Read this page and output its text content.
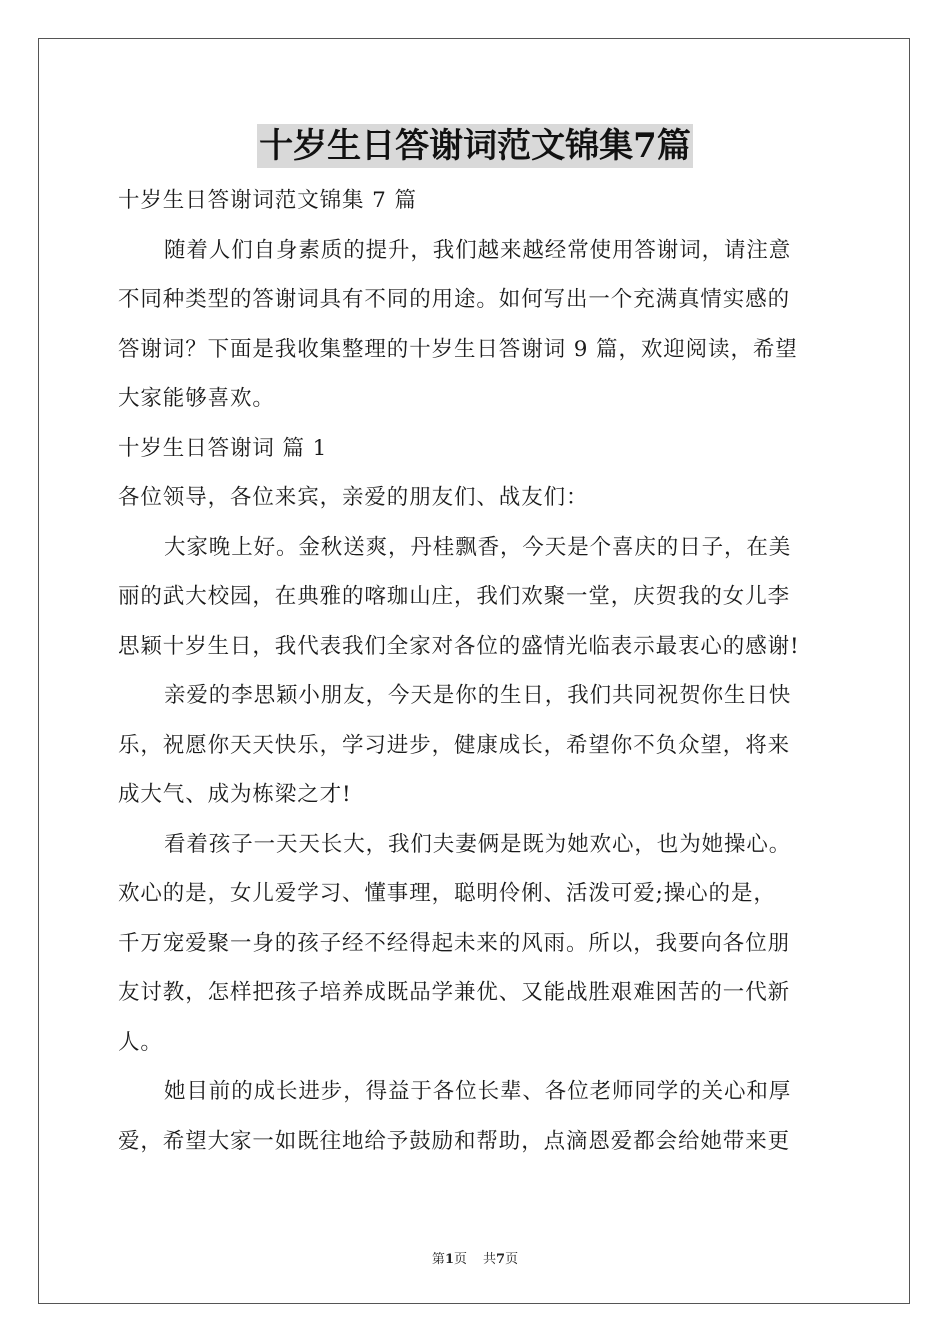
十岁生日答谢词范文锦集7篇
十岁生日答谢词范文锦集 7 篇
随着人们自身素质的提升，我们越来越经常使用答谢词，请注意
不同种类型的答谢词具有不同的用途。如何写出一个充满真情实感的
答谢词？下面是我收集整理的十岁生日答谢词 9 篇，欢迎阅读，希望
大家能够喜欢。
十岁生日答谢词 篇 1
各位领导，各位来宾，亲爱的朋友们、战友们：
大家晚上好。金秋送爽，丹桂飘香，今天是个喜庆的日子，在美
丽的武大校园，在典雅的喀珈山庄，我们欢聚一堂，庆贺我的女儿李
思颖十岁生日，我代表我们全家对各位的盛情光临表示最衷心的感谢!
亲爱的李思颖小朋友，今天是你的生日，我们共同祝贺你生日快
乐，祝愿你天天快乐，学习进步，健康成长，希望你不负众望，将来
成大气、成为栋梁之才!
看着孩子一天天长大，我们夫妻俩是既为她欢心，也为她操心。
欢心的是，女儿爱学习、懂事理，聪明伶俐、活泼可爱;操心的是，
千万宠爱聚一身的孩子经不经得起未来的风雨。所以，我要向各位朋
友讨教，怎样把孩子培养成既品学兼优、又能战胜艰难困苦的一代新
人。
她目前的成长进步，得益于各位长辈、各位老师同学的关心和厚
爱，希望大家一如既往地给予鼓励和帮助，点滴恩爱都会给她带来更
第1页 共7页
